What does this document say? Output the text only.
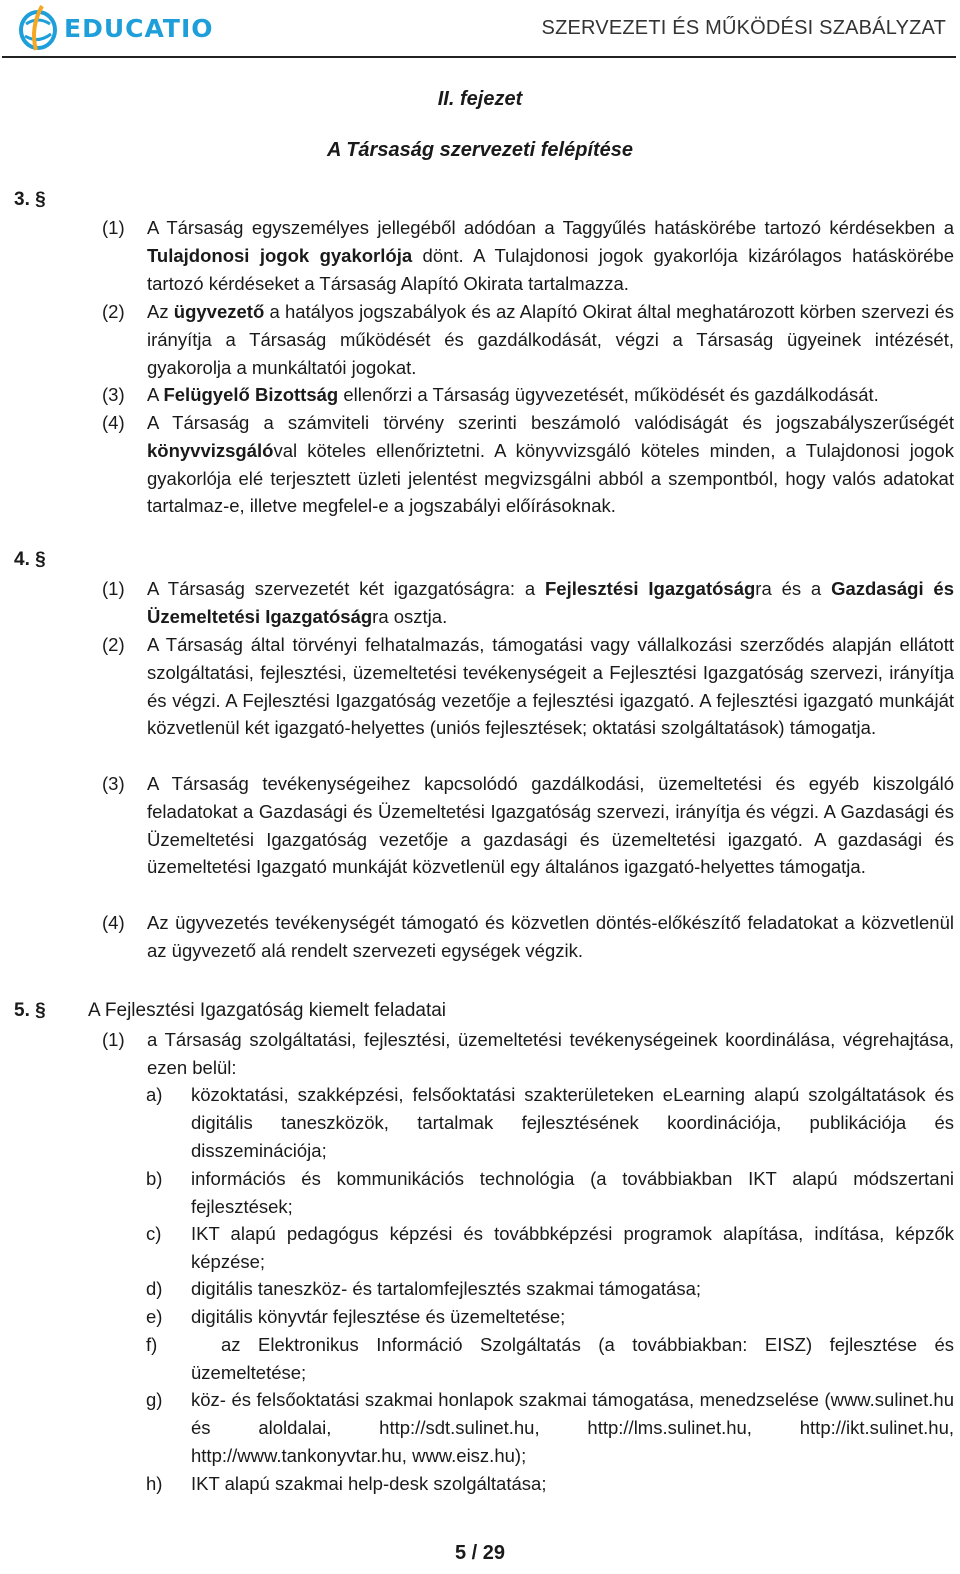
EDUCATIO	SZERVEZETI ÉS MŰKÖDÉSI SZABÁLYZAT
II. fejezet
A Társaság szervezeti felépítése
3. §
(1) A Társaság egyszemélyes jellegéből adódóan a Taggyűlés hatáskörébe tartozó kérdésekben a Tulajdonosi jogok gyakorlója dönt. A Tulajdonosi jogok gyakorlója kizárólagos hatáskörébe tartozó kérdéseket a Társaság Alapító Okirata tartalmazza.
(2) Az ügyvezető a hatályos jogszabályok és az Alapító Okirat által meghatározott körben szervezi és irányítja a Társaság működését és gazdálkodását, végzi a Társaság ügyeinek intézését, gyakorolja a munkáltatói jogokat.
(3) A Felügyelő Bizottság ellenőrzi a Társaság ügyvezetését, működését és gazdálkodását.
(4) A Társaság a számviteli törvény szerinti beszámoló valódiságát és jogszabályszerűségét könyvvizsgálóval köteles ellenőriztetni. A könyvvizsgáló köteles minden, a Tulajdonosi jogok gyakorlója elé terjesztett üzleti jelentést megvizsgálni abból a szempontból, hogy valós adatokat tartalmaz-e, illetve megfelel-e a jogszabályi előírásoknak.
4. §
(1) A Társaság szervezetét két igazgatóságra: a Fejlesztési Igazgatóságra és a Gazdasági és Üzemeltetési Igazgatóságra osztja.
(2) A Társaság által törvényi felhatalmazás, támogatási vagy vállalkozási szerződés alapján ellátott szolgáltatási, fejlesztési, üzemeltetési tevékenységeit a Fejlesztési Igazgatóság szervezi, irányítja és végzi. A Fejlesztési Igazgatóság vezetője a fejlesztési igazgató. A fejlesztési igazgató munkáját közvetlenül két igazgató-helyettes (uniós fejlesztések; oktatási szolgáltatások) támogatja.
(3) A Társaság tevékenységeihez kapcsolódó gazdálkodási, üzemeltetési és egyéb kiszolgáló feladatokat a Gazdasági és Üzemeltetési Igazgatóság szervezi, irányítja és végzi. A Gazdasági és Üzemeltetési Igazgatóság vezetője a gazdasági és üzemeltetési igazgató. A gazdasági és üzemeltetési Igazgató munkáját közvetlenül egy általános igazgató-helyettes támogatja.
(4) Az ügyvezetés tevékenységét támogató és közvetlen döntés-előkészítő feladatokat a közvetlenül az ügyvezető alá rendelt szervezeti egységek végzik.
5. § A Fejlesztési Igazgatóság kiemelt feladatai
(1) a Társaság szolgáltatási, fejlesztési, üzemeltetési tevékenységeinek koordinálása, végrehajtása, ezen belül:
a) közoktatási, szakképzési, felsőoktatási szakterületeken eLearning alapú szolgáltatások és digitális taneszközök, tartalmak fejlesztésének koordinációja, publikációja és disszeminációja;
b) információs és kommunikációs technológia (a továbbiakban IKT alapú módszertani fejlesztések;
c) IKT alapú pedagógus képzési és továbbképzési programok alapítása, indítása, képzők képzése;
d) digitális taneszköz- és tartalomfejlesztés szakmai támogatása;
e) digitális könyvtár fejlesztése és üzemeltetése;
f)	az Elektronikus Információ Szolgáltatás (a továbbiakban: EISZ) fejlesztése és üzemeltetése;
g) köz- és felsőoktatási szakmai honlapok szakmai támogatása, menedzselése (www.sulinet.hu és aloldalai, http://sdt.sulinet.hu, http://lms.sulinet.hu, http://ikt.sulinet.hu, http://www.tankonyvtar.hu, www.eisz.hu);
h) IKT alapú szakmai help-desk szolgáltatása;
5 / 29
